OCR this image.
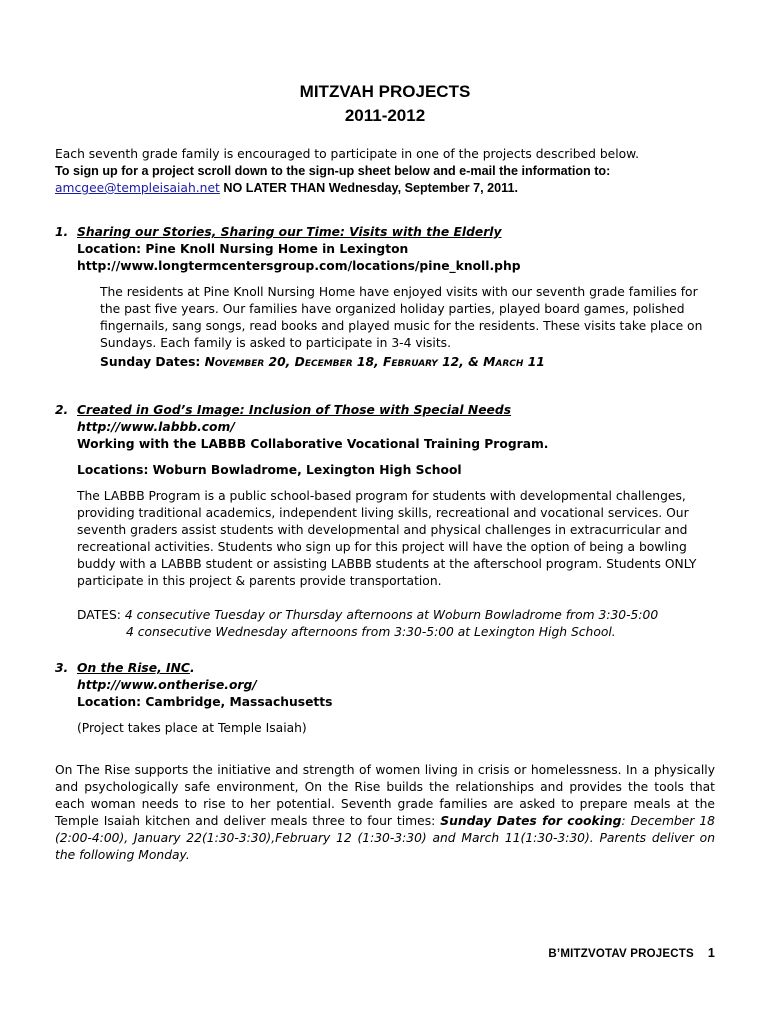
MITZVAH PROJECTS
2011-2012
Each seventh grade family is encouraged to participate in one of the projects described below.
To sign up for a project scroll down to the sign-up sheet below and e-mail the information to:
amcgee@templeisaiah.net NO LATER THAN Wednesday, September 7, 2011.
1. Sharing our Stories, Sharing our Time: Visits with the Elderly
Location: Pine Knoll Nursing Home in Lexington
http://www.longtermcentersgroup.com/locations/pine_knoll.php
The residents at Pine Knoll Nursing Home have enjoyed visits with our seventh grade families for the past five years. Our families have organized holiday parties, played board games, polished fingernails, sang songs, read books and played music for the residents. These visits take place on Sundays. Each family is asked to participate in 3-4 visits.
Sunday Dates: November 20, December 18, February 12, & March 11
2. Created in God’s Image: Inclusion of Those with Special Needs
http://www.labbb.com/
Working with the LABBB Collaborative Vocational Training Program.
Locations: Woburn Bowladrome, Lexington High School
The LABBB Program is a public school-based program for students with developmental challenges, providing traditional academics, independent living skills, recreational and vocational services. Our seventh graders assist students with developmental and physical challenges in extracurricular and recreational activities. Students who sign up for this project will have the option of being a bowling buddy with a LABBB student or assisting LABBB students at the afterschool program. Students ONLY participate in this project & parents provide transportation.
DATES: 4 consecutive Tuesday or Thursday afternoons at Woburn Bowladrome from 3:30-5:00
4 consecutive Wednesday afternoons from 3:30-5:00 at Lexington High School.
3. On the Rise, INC.
http://www.ontherise.org/
Location: Cambridge, Massachusetts
(Project takes place at Temple Isaiah)
On The Rise supports the initiative and strength of women living in crisis or homelessness. In a physically and psychologically safe environment, On the Rise builds the relationships and provides the tools that each woman needs to rise to her potential. Seventh grade families are asked to prepare meals at the Temple Isaiah kitchen and deliver meals three to four times: Sunday Dates for cooking: December 18 (2:00-4:00), January 22(1:30-3:30),February 12 (1:30-3:30) and March 11(1:30-3:30). Parents deliver on the following Monday.
B’MITZVOTAV PROJECTS 1
